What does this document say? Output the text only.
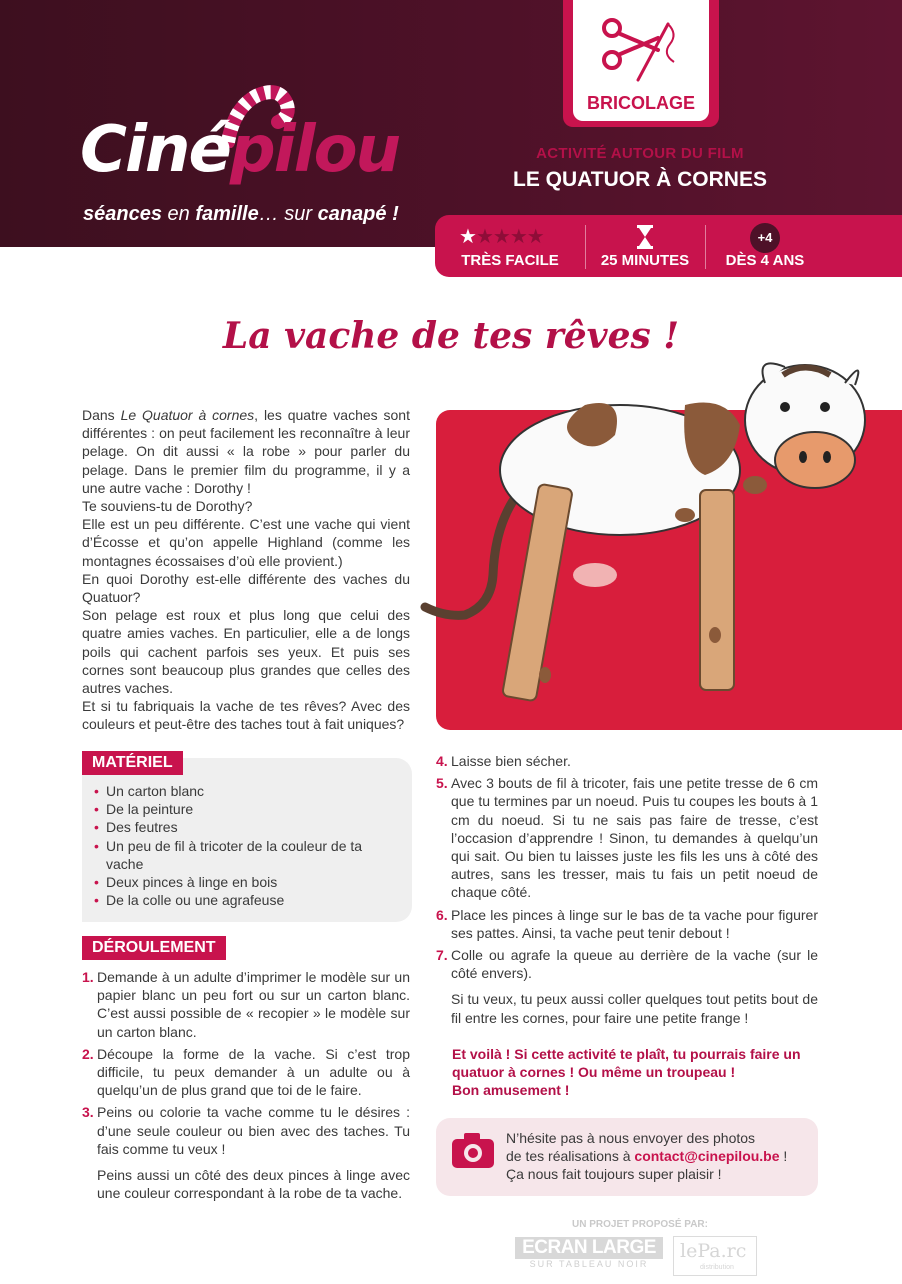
Cinépilou
séances en famille… sur canapé !
ACTIVITÉ AUTOUR DU FILM
LE QUATUOR À CORNES
BRICOLAGE
★★★★★
TRÈS FACILE	25 MINUTES
+4
DÈS 4 ANS
La vache de tes rêves !

Dans Le Quatuor à cornes, les quatre vaches sont différentes : on peut facilement les reconnaître à leur pelage. On dit aussi « la robe » pour parler du pelage. Dans le premier film du programme, il y a une autre vache : Dorothy !

Te souviens-tu de Dorothy?

Elle est un peu différente. C’est une vache qui vient d’Écosse et qu’on appelle Highland (comme les montagnes écossaises d’où elle provient.)

En quoi Dorothy est-elle différente des vaches du Quatuor?

Son pelage est roux et plus long que celui des quatre amies vaches. En particulier, elle a de longs poils qui cachent parfois ses yeux. Et puis ses cornes sont beaucoup plus grandes que celles des autres vaches.

Et si tu fabriquais la vache de tes rêves? Avec des couleurs et peut-être des taches tout à fait uniques?

MATÉRIEL
• Un carton blanc
• De la peinture
• Des feutres
• Un peu de fil à tricoter de la couleur de ta vache
• Deux pinces à linge en bois
• De la colle ou une agrafeuse
DÉROULEMENT
1. Demande à un adulte d’imprimer le modèle sur un papier blanc un peu fort ou sur un carton blanc. C’est aussi possible de « recopier » le modèle sur un carton blanc.
2. Découpe la forme de la vache. Si c’est trop difficile, tu peux demander à un adulte ou à quelqu’un de plus grand que toi de le faire.
3. Peins ou colorie ta vache comme tu le désires : d’une seule couleur ou bien avec des taches. Tu fais comme tu veux !
Peins aussi un côté des deux pinces à linge avec une couleur correspondant à la robe de ta vache.
4. Laisse bien sécher.
5. Avec 3 bouts de fil à tricoter, fais une petite tresse de 6 cm que tu termines par un noeud. Puis tu coupes les bouts à 1 cm du noeud. Si tu ne sais pas faire de tresse, c’est l’occasion d’apprendre ! Sinon, tu demandes à quelqu’un qui sait. Ou bien tu laisses juste les fils les uns à côté des autres, sans les tresser, mais tu fais un petit noeud de chaque côté.
6. Place les pinces à linge sur le bas de ta vache pour figurer ses pattes. Ainsi, ta vache peut tenir debout !
7. Colle ou agrafe la queue au derrière de la vache (sur le côté envers).
Si tu veux, tu peux aussi coller quelques tout petits bout de fil entre les cornes, pour faire une petite frange !
Et voilà ! Si cette activité te plaît, tu pourrais faire un quatuor à cornes ! Ou même un troupeau !
Bon amusement !
N’hésite pas à nous envoyer des photos
de tes réalisations à contact@cinepilou.be !
Ça nous fait toujours super plaisir !
UN PROJET PROPOSÉ PAR:
ECRAN LARGE
SUR TABLEAU NOIR
lePa.rc
distribution
